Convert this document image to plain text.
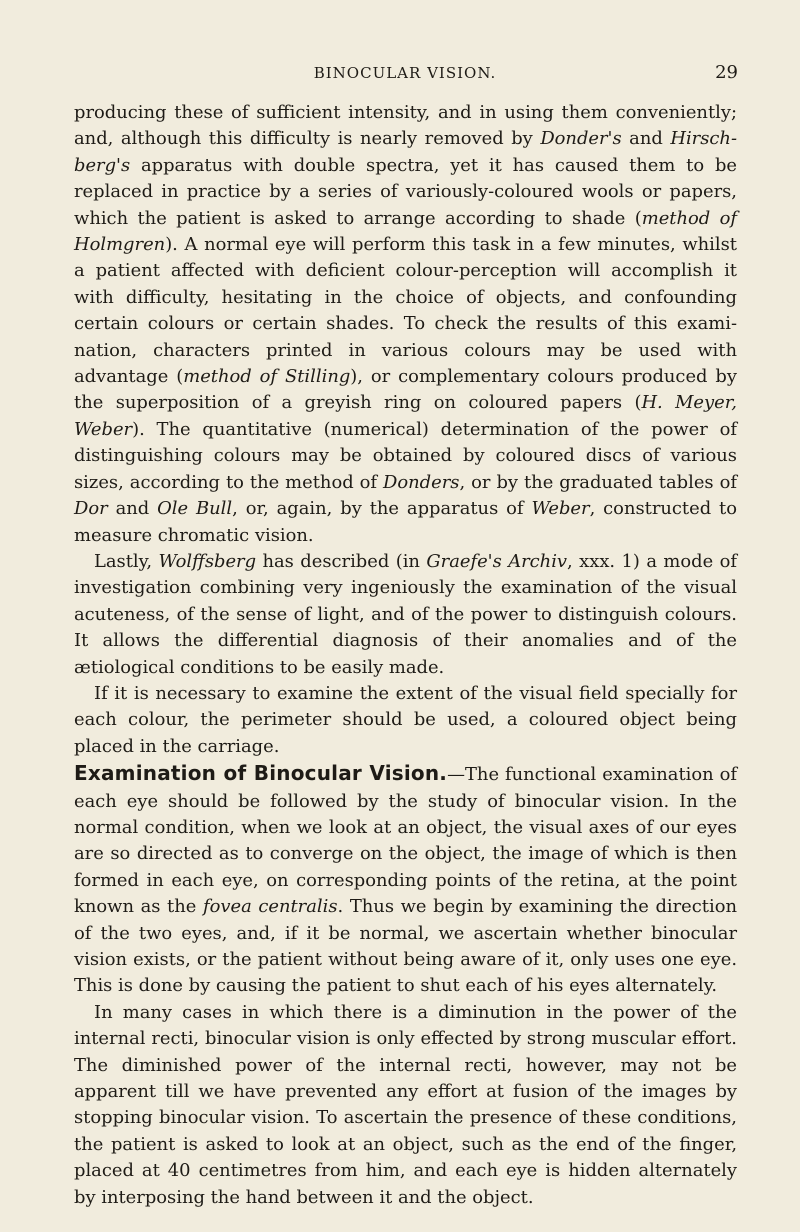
BINOCULAR VISION.	29

producing these of sufficient intensity, and in using them conveniently; and, although this difficulty is nearly removed by Donder's and Hirschberg's apparatus with double spectra, yet it has caused them to be replaced in practice by a series of variously-coloured wools or papers, which the patient is asked to arrange according to shade (method of Holmgren). A normal eye will perform this task in a few minutes, whilst a patient affected with deficient colour-perception will accomplish it with difficulty, hesitating in the choice of objects, and confounding certain colours or certain shades. To check the results of this examination, characters printed in various colours may be used with advantage (method of Stilling), or complementary colours produced by the superposition of a greyish ring on coloured papers (H. Meyer, Weber). The quantitative (numerical) determination of the power of distinguishing colours may be obtained by coloured discs of various sizes, according to the method of Donders, or by the graduated tables of Dor and Ole Bull, or, again, by the apparatus of Weber, constructed to measure chromatic vision.

Lastly, Wolffsberg has described (in Graefe's Archiv, xxx. 1) a mode of investigation combining very ingeniously the examination of the visual acuteness, of the sense of light, and of the power to distinguish colours. It allows the differential diagnosis of their anomalies and of the ætiological conditions to be easily made.

If it is necessary to examine the extent of the visual field specially for each colour, the perimeter should be used, a coloured object being placed in the carriage.

Examination of Binocular Vision.—The functional examination of each eye should be followed by the study of binocular vision. In the normal condition, when we look at an object, the visual axes of our eyes are so directed as to converge on the object, the image of which is then formed in each eye, on corresponding points of the retina, at the point known as the fovea centralis. Thus we begin by examining the direction of the two eyes, and, if it be normal, we ascertain whether binocular vision exists, or the patient without being aware of it, only uses one eye. This is done by causing the patient to shut each of his eyes alternately.

In many cases in which there is a diminution in the power of the internal recti, binocular vision is only effected by strong muscular effort. The diminished power of the internal recti, however, may not be apparent till we have prevented any effort at fusion of the images by stopping binocular vision. To ascertain the presence of these conditions, the patient is asked to look at an object, such as the end of the finger, placed at 40 centimetres from him, and each eye is hidden alternately by interposing the hand between it and the object.
